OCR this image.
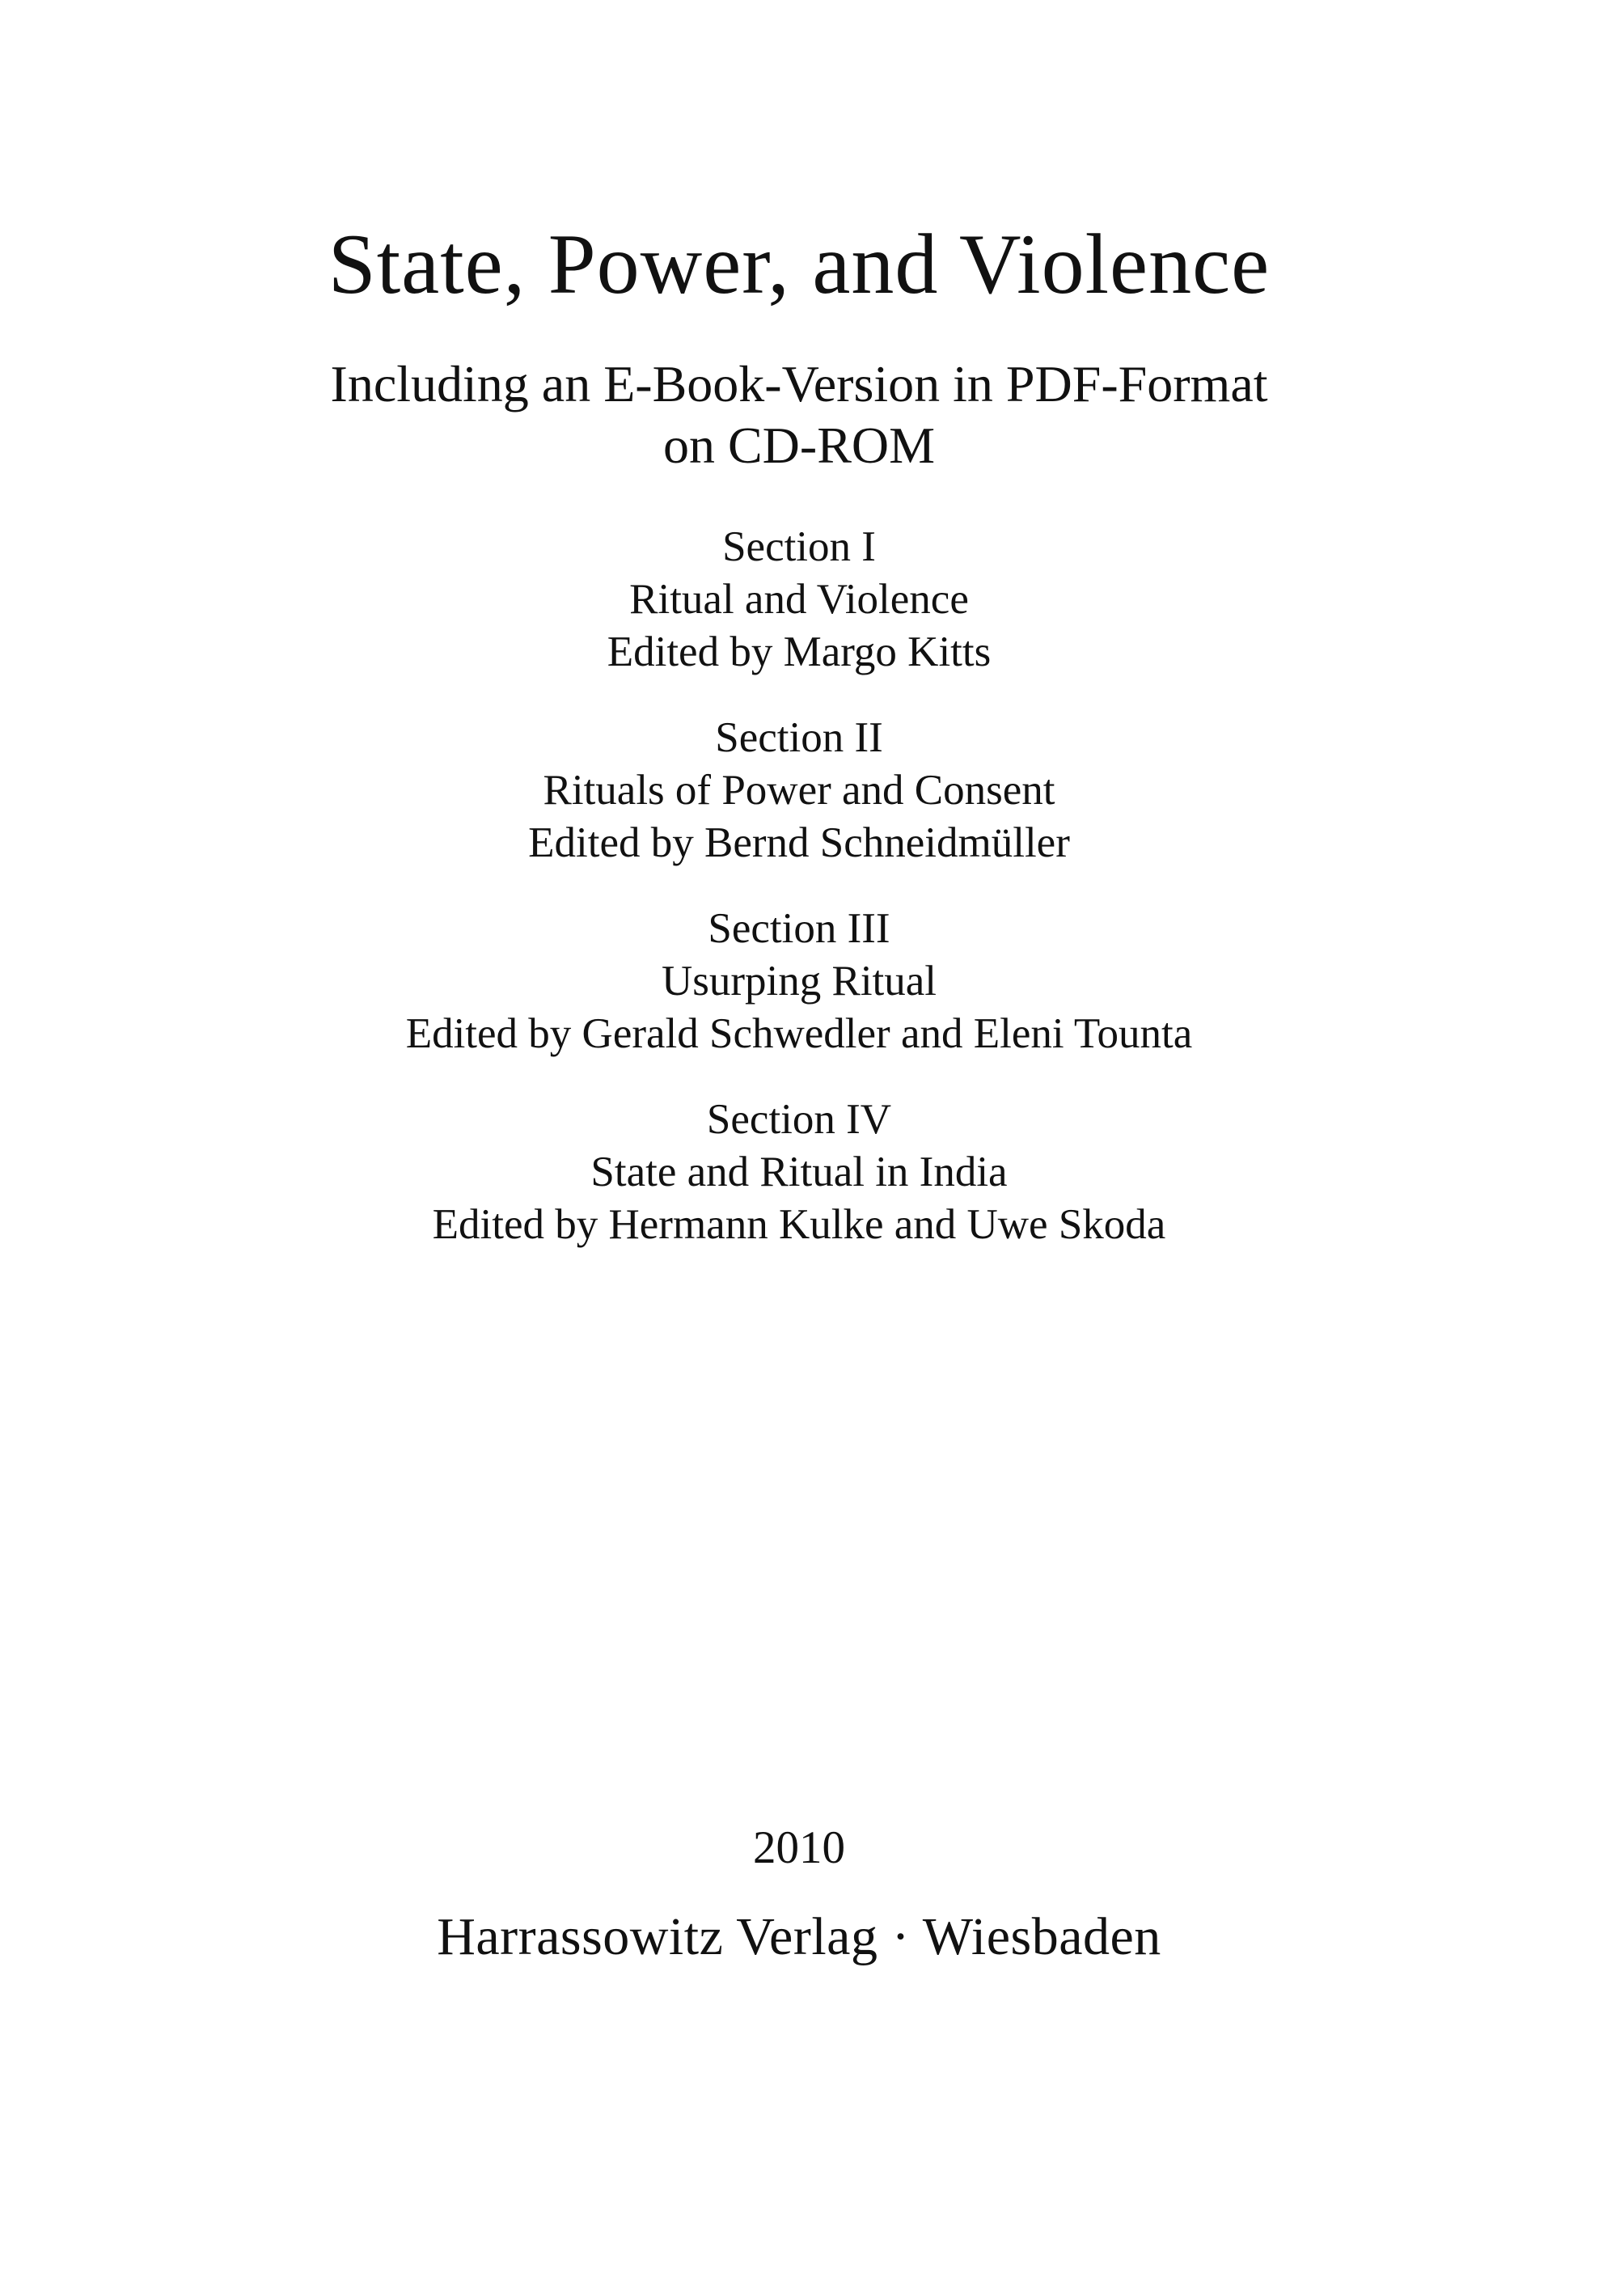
State, Power, and Violence
Including an E-Book-Version in PDF-Format
on CD-ROM
Section I
Ritual and Violence
Edited by Margo Kitts
Section II
Rituals of Power and Consent
Edited by Bernd Schneidmüller
Section III
Usurping Ritual
Edited by Gerald Schwedler and Eleni Tounta
Section IV
State and Ritual in India
Edited by Hermann Kulke and Uwe Skoda
2010
Harrassowitz Verlag · Wiesbaden
